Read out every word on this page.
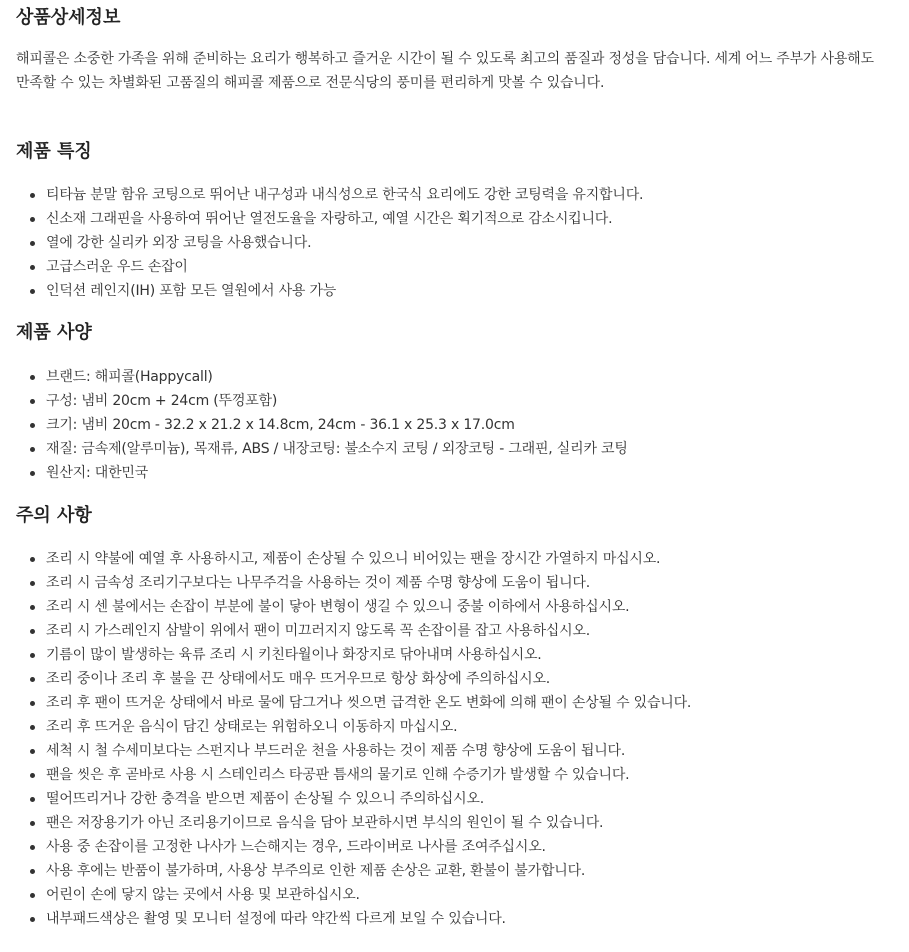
상품상세정보

해피콜은 소중한 가족을 위해 준비하는 요리가 행복하고 즐거운 시간이 될 수 있도록 최고의 품질과 정성을 담습니다. 세계 어느 주부가 사용해도 만족할 수 있는 차별화된 고품질의 해피콜 제품으로 전문식당의 풍미를 편리하게 맛볼 수 있습니다.

제품 특징
티타늄 분말 함유 코팅으로 뛰어난 내구성과 내식성으로 한국식 요리에도 강한 코팅력을 유지합니다.
신소재 그래핀을 사용하여 뛰어난 열전도율을 자랑하고, 예열 시간은 획기적으로 감소시킵니다.
열에 강한 실리카 외장 코팅을 사용했습니다.
고급스러운 우드 손잡이
인덕션 레인지(IH) 포함 모든 열원에서 사용 가능
제품 사양
브랜드: 해피콜(Happycall)
구성: 냄비 20cm + 24cm (뚜껑포함)
크기: 냄비 20cm - 32.2 x 21.2 x 14.8cm, 24cm - 36.1 x 25.3 x 17.0cm
재질: 금속제(알루미늄), 목재류, ABS / 내장코팅: 불소수지 코팅 / 외장코팅 - 그래핀, 실리카 코팅
원산지: 대한민국
주의 사항
조리 시 약불에 예열 후 사용하시고, 제품이 손상될 수 있으니 비어있는 팬을 장시간 가열하지 마십시오.
조리 시 금속성 조리기구보다는 나무주걱을 사용하는 것이 제품 수명 향상에 도움이 됩니다.
조리 시 센 불에서는 손잡이 부분에 불이 닿아 변형이 생길 수 있으니 중불 이하에서 사용하십시오.
조리 시 가스레인지 삼발이 위에서 팬이 미끄러지지 않도록 꼭 손잡이를 잡고 사용하십시오.
기름이 많이 발생하는 육류 조리 시 키친타월이나 화장지로 닦아내며 사용하십시오.
조리 중이나 조리 후 불을 끈 상태에서도 매우 뜨거우므로 항상 화상에 주의하십시오.
조리 후 팬이 뜨거운 상태에서 바로 물에 담그거나 씻으면 급격한 온도 변화에 의해 팬이 손상될 수 있습니다.
조리 후 뜨거운 음식이 담긴 상태로는 위험하오니 이동하지 마십시오.
세척 시 철 수세미보다는 스펀지나 부드러운 천을 사용하는 것이 제품 수명 향상에 도움이 됩니다.
팬을 씻은 후 곧바로 사용 시 스테인리스 타공판 틈새의 물기로 인해 수증기가 발생할 수 있습니다.
떨어뜨리거나 강한 충격을 받으면 제품이 손상될 수 있으니 주의하십시오.
팬은 저장용기가 아닌 조리용기이므로 음식을 담아 보관하시면 부식의 원인이 될 수 있습니다.
사용 중 손잡이를 고정한 나사가 느슨해지는 경우, 드라이버로 나사를 조여주십시오.
사용 후에는 반품이 불가하며, 사용상 부주의로 인한 제품 손상은 교환, 환불이 불가합니다.
어린이 손에 닿지 않는 곳에서 사용 및 보관하십시오.
내부패드색상은 촬영 및 모니터 설정에 따라 약간씩 다르게 보일 수 있습니다.
